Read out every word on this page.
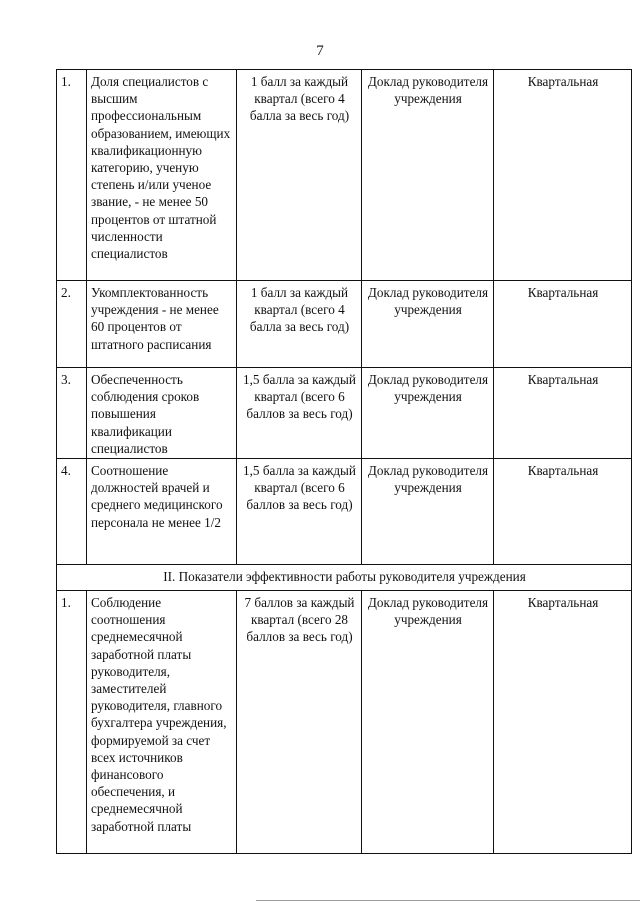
7
1.	Доля специалистов с высшим профессиональным образованием, имеющих квалификационную категорию, ученую степень и/или ученое звание, - не менее 50 процентов от штатной численности специалистов	1 балл за каждый квартал (всего 4 балла за весь год)	Доклад руководителя учреждения	Квартальная
2.	Укомплектованность учреждения - не менее 60 процентов от штатного расписания	1 балл за каждый квартал (всего 4 балла за весь год)	Доклад руководителя учреждения	Квартальная
3.	Обеспеченность соблюдения сроков повышения квалификации специалистов	1,5 балла за каждый квартал (всего 6 баллов за весь год)	Доклад руководителя учреждения	Квартальная
4.	Соотношение должностей врачей и среднего медицинского персонала не менее 1/2	1,5 балла за каждый квартал (всего 6 баллов за весь год)	Доклад руководителя учреждения	Квартальная
II. Показатели эффективности работы руководителя учреждения				
1.	Соблюдение соотношения среднемесячной заработной платы руководителя, заместителей руководителя, главного бухгалтера учреждения, формируемой за счет всех источников финансового обеспечения, и среднемесячной заработной платы	7 баллов за каждый квартал (всего 28 баллов за весь год)	Доклад руководителя учреждения	Квартальная
